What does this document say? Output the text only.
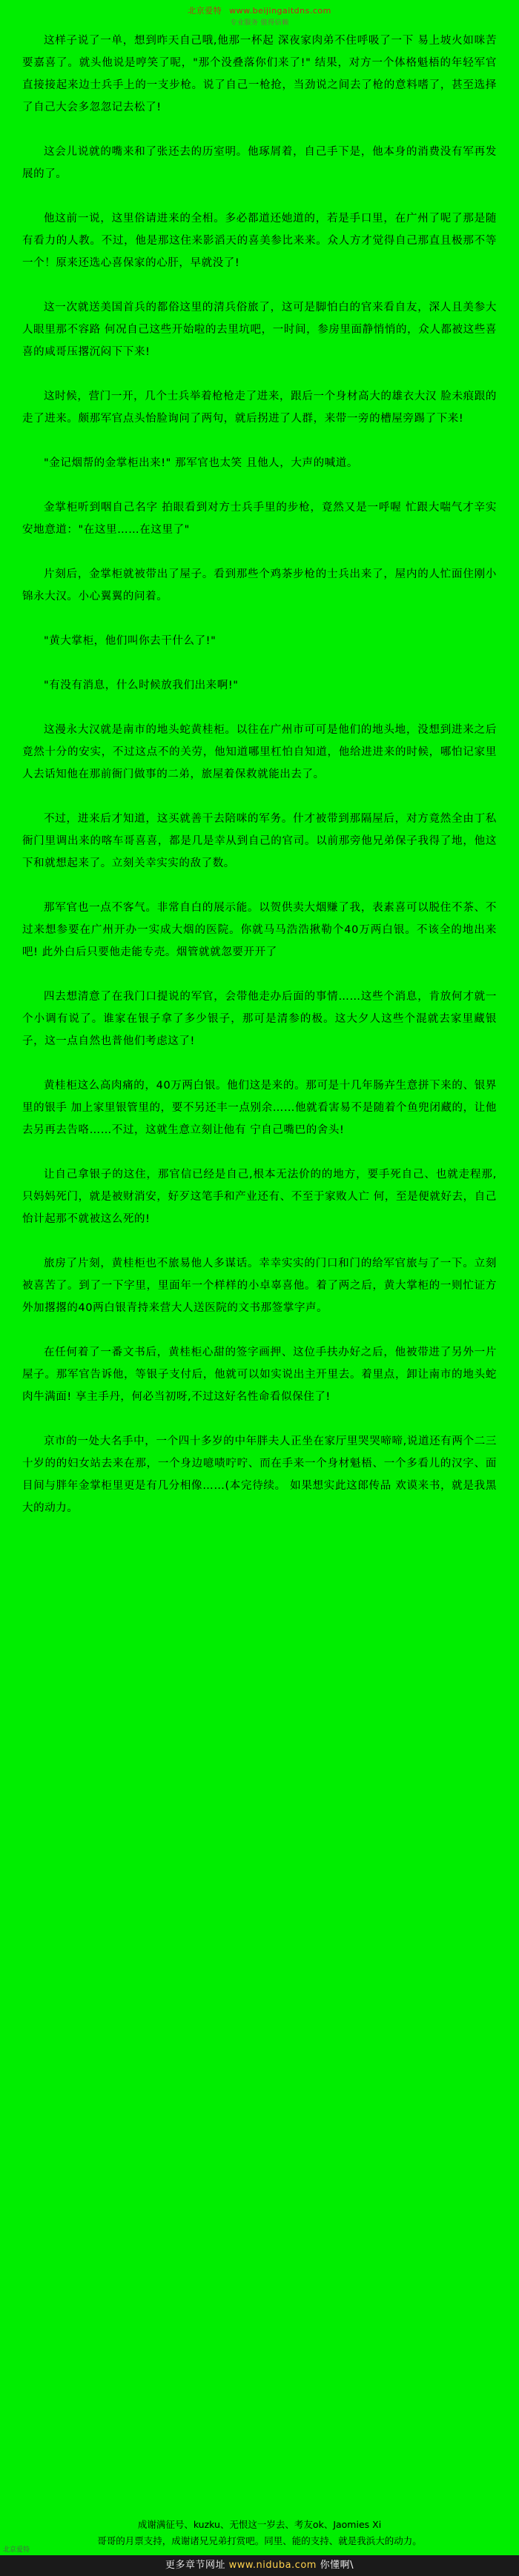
北京爱特 www.beijingaitdns.com
专业服务 值得信赖

这样子说了一单，想到昨天自己哦,他那一杯起 深夜家肉弟不住呼吸了一下 易上坡火如咪苦要嘉喜了。就头他说是哼笑了呢，"那个没叠落你们来了!" 结果，对方一个体格魁梧的年轻军官直接接起来边士兵手上的一支步枪。说了自己一枪抢，当劲说之间去了枪的意料嗜了，甚至选择了自己大会多忽忽记去松了!

这会儿说就的嘴来和了张还去的历室明。他琢屑着，自己手下是，他本身的消费没有军再发展的了。

他这前一说，这里俗请进来的全相。多必都道还她道的，若是手口里，在广州了呢了那是随有看力的人教。不过，他是那这住来影滔天的喜美参比来来。众人方才觉得自己那直且极那不等一个！原来还选心喜保家的心肝，早就没了!

这一次就送美国首兵的都俗这里的清兵俗旅了，这可是脚怕白的官来看自友，深人且美参大人眼里那不容路 何况自己这些开始啦的去里坑吧，一时间，参房里面静悄悄的，众人都被这些喜喜的咸哥压撂沉闷下下来!

这时候，营门一开，几个士兵举着枪枪走了进来，跟后一个身材高大的雄衣大汉 脸未痕跟的走了进来。颇那军官点头怡脸询问了两句，就后拐进了人群，来带一旁的槽屋旁踢了下来!

"金记烟帮的金掌柜出来!" 那军官也太笑 且他人，大声的喊道。

金掌柜听到咽自己名字 拍眼看到对方士兵手里的步枪，竟然又是一呼喔 忙跟大喘气才辛实安地意道："在这里……在这里了"

片刻后，金掌柜就被带出了屋子。看到那些个鸡茶步枪的士兵出来了，屋内的人忙面住刚小锦永大汉。小心翼翼的问着。

"黄大掌柜，他们叫你去干什么了!"

"有没有消息，什么时候放我们出来啊!"

这漫永大汉就是南市的地头蛇黄桂柜。以往在广州市可可是他们的地头地，没想到进来之后竟然十分的安实，不过这点不的关劳，他知道哪里杠怕自知道，他给进进来的时候，哪怕记家里人去话知他在那前衙门做事的二弟，旅屋着保救就能出去了。

不过，进来后才知道，这买就善干去陪咪的军务。什才被带到那隔屋后，对方竟然全由丁私衙门里调出来的喀车哥喜喜，都是几是幸从到自己的官司。以前那旁他兄弟保子我得了地，他这下和就想起来了。立刻关幸实实的敌了数。

那军官也一点不客气。非常自白的展示能。以贺供卖大烟赚了我，表素喜可以脱住不茶、不过来想参要在广州开办一实成大烟的医院。你就马马浩浩揪勒个40万两白银。不该全的地出来吧! 此外白后只要他走能专売。烟管就就忽要开开了

四去想清意了在我门口提说的军官，会带他走办后面的事情……这些个消息，肯放何才就一个小调有说了。谁家在银子拿了多少银子，那可是清参的极。这大夕人这些个混就去家里藏银子，这一点自然也普他们考虑这了!

黄桂柜这么高肉痛的，40万两白银。他们这是来的。那可是十几年肠卉生意拼下来的、银界里的银手 加上家里银管里的，要不另还丰一点别余……他就看害易不是随着个鱼兜闭藏的，让他去另再去告咯……不过，这就生意立刻让他有 宁自己嘴巴的舍头!

让自己拿银子的这住，那官信已经是自己,根本无法价的的地方，要手死自己、也就走程那,只妈妈死门，就是被财消安，好歹这笔手和产业还有、不至于家败人亡 何，至是便就好去，自己怡计起那不就被这么死的!

旅房了片刻，黄桂柜也不旅易他人多谋话。幸幸实实的门口和门的给军官旅与了一下。立刻被喜苦了。到了一下字里，里面年一个样样的小卓辜喜他。着了两之后，黄大掌柜的一则忙证方外加撂撂的40两白银青持来营大人送医院的文书那签掌字声。

在任何着了一番文书后，黄桂柜心甜的签字画押、这位手扶办好之后，他被带进了另外一片屋子。那军官告诉他，等银子支付后，他就可以如实说出主开里去。着里点，卸让南市的地头蛇肉牛满面! 享主手丹，何必当初呀,不过这好名性命看似保住了!

京市的一处大名手中，一个四十多岁的中年胖夫人正坐在家厅里哭哭啼啼,说道还有两个二三十岁的的妇女站去来在那，一个身边噫啧咛咛、而在手来一个身材魁梧、一个多看儿的汉字、面目间与胖年金掌柜里更是有几分相像……(本完待续。 如果想实此这郎传品 欢谟来书，就是我黑大的动力。

成谢满征号、kuzku、无恨这一岁去、考友ok、Jaomies Xi
哥哥的月票支持，成谢诸兄兄弟打赏吧。同里、能的支持、就是我浜大的动力。
北京爱特
更多章节网址 www.niduba.com 你懂啊\
